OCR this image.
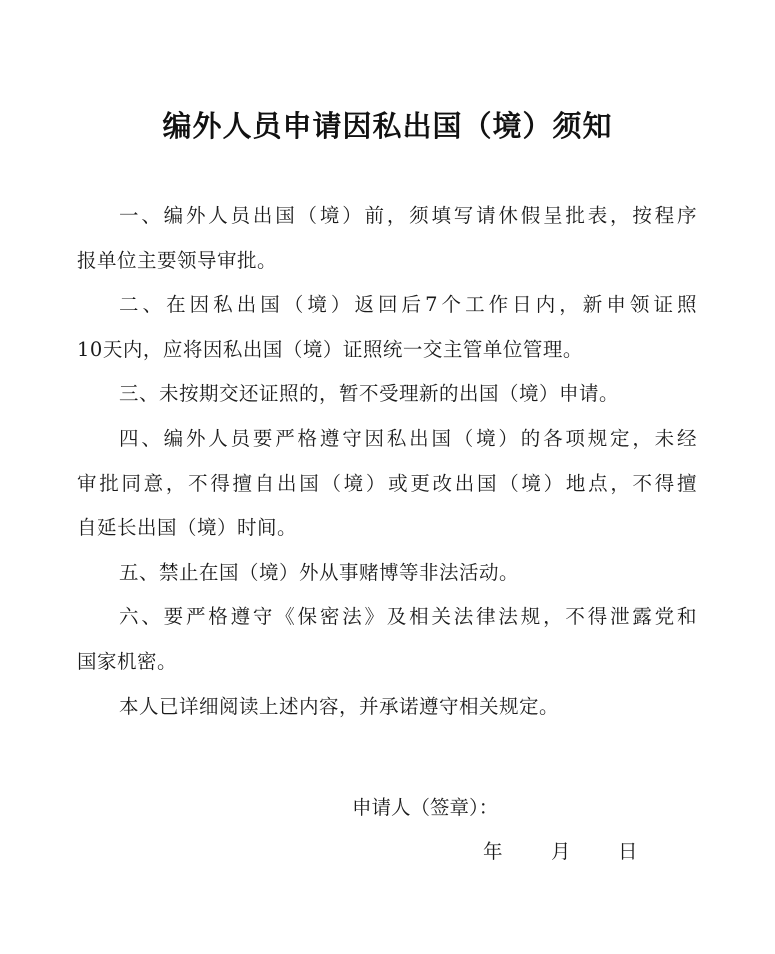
编外人员申请因私出国（境）须知
一、编外人员出国（境）前，须填写请休假呈批表，按程序
报单位主要领导审批。
二、在因私出国（境）返回后7个工作日内，新申领证照
10天内，应将因私出国（境）证照统一交主管单位管理。
三、未按期交还证照的，暂不受理新的出国（境）申请。
四、编外人员要严格遵守因私出国（境）的各项规定，未经
审批同意，不得擅自出国（境）或更改出国（境）地点，不得擅
自延长出国（境）时间。
五、禁止在国（境）外从事赌博等非法活动。
六、要严格遵守《保密法》及相关法律法规，不得泄露党和
国家机密。
本人已详细阅读上述内容，并承诺遵守相关规定。
申请人（签章）：
年 月 日
